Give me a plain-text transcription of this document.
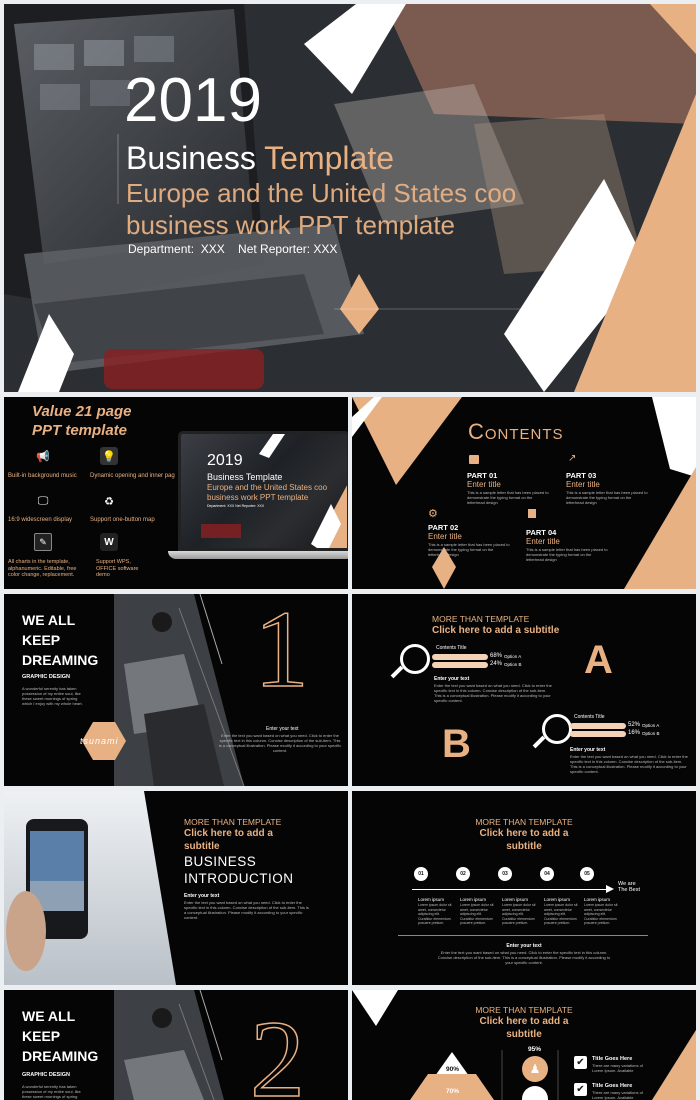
2019
Business Template
Europe and the United States coo
business work PPT template
Department:  XXX    Net Reporter: XXX
Value 21 page
PPT template
📢
Built-in background music
💡
Dynamic opening and inner pag
🖵
16:9 widescreen display
♻
Support one-button map
✎
All charts in the template, alphanumeric. Editable, free color change, replacement.
W
Support WPS, OFFICE software demo
2019
Business Template
Europe and the United States coo
business work PPT template
Department: XXX Net Reporter: XXX
Contents
PART 01
Enter title
This is a sample letter that has been placed to demonstrate the typing format on the letterhead design
↗
PART 03
Enter title
This is a sample letter that has been placed to demonstrate the typing format on the letterhead design
⚙
PART 02
Enter title
This is a sample letter that has been placed to demonstrate the typing format on the letterhead design
PART 04
Enter title
This is a sample letter that has been placed to demonstrate the typing format on the letterhead design
WE ALL KEEP DREAMING
GRAPHIC DESIGN
A wonderful serenity has taken possession of my entire soul, like these sweet mornings of spring which I enjoy with my whole heart.
tsunami
1
Enter your text
Enter the text you want based on what you need. Click to enter the specific text in this column. Concise description of the sub-item. This is a conceptual illustration. Please modify it according to your specific content.
MORE THAN TEMPLATE
Click here to add a subtitle
Contents Title
68% Option A
24% Option B A
Enter your text
Enter the text you want based on what you need. Click to enter the specific text in this column. Concise description of the sub-item. This is a conceptual illustration. Please modify it according to your specific content.
B
Contents Title
52% Option A
16% Option B
Enter your text
Enter the text you want based on what you need. Click to enter the specific text in this column. Concise description of the sub-item. This is a conceptual illustration. Please modify it according to your specific content.
MORE THAN TEMPLATE
Click here to add a
subtitle
BUSINESS
INTRODUCTION
Enter your text
Enter the text you want based on what you need. Click to enter the specific text in this column. Concise description of the sub-item. This is a conceptual illustration. Please modify it according to your specific content.
MORE THAN TEMPLATE
Click here to add a
subtitle
We are The Best
01	02	03	04	05
Lorem ipsum
Lorem ipsum dolor sit amet, consectetur adipiscing elit. Curabitur elementum posuere pretium.
Lorem ipsum
Lorem ipsum dolor sit amet, consectetur adipiscing elit. Curabitur elementum posuere pretium.
Lorem ipsum
Lorem ipsum dolor sit amet, consectetur adipiscing elit. Curabitur elementum posuere pretium.
Lorem ipsum
Lorem ipsum dolor sit amet, consectetur adipiscing elit. Curabitur elementum posuere pretium.
Lorem ipsum
Lorem ipsum dolor sit amet, consectetur adipiscing elit. Curabitur elementum posuere pretium.
Enter your text
Enter the text you want based on what you need. Click to enter the specific text in this column. Concise description of the sub-item. This is a conceptual illustration. Please modify it according to your specific content.
WE ALL KEEP DREAMING
GRAPHIC DESIGN
A wonderful serenity has taken possession of my entire soul, like these sweet mornings of spring 2	MORE THAN TEMPLATE
Click here to add a
subtitle
95%
♟
90%
70%
✔	Title Goes Here
There are many variations of Lorem Ipsum. Available
✔	Title Goes Here
There are many variations of Lorem Ipsum. Available
